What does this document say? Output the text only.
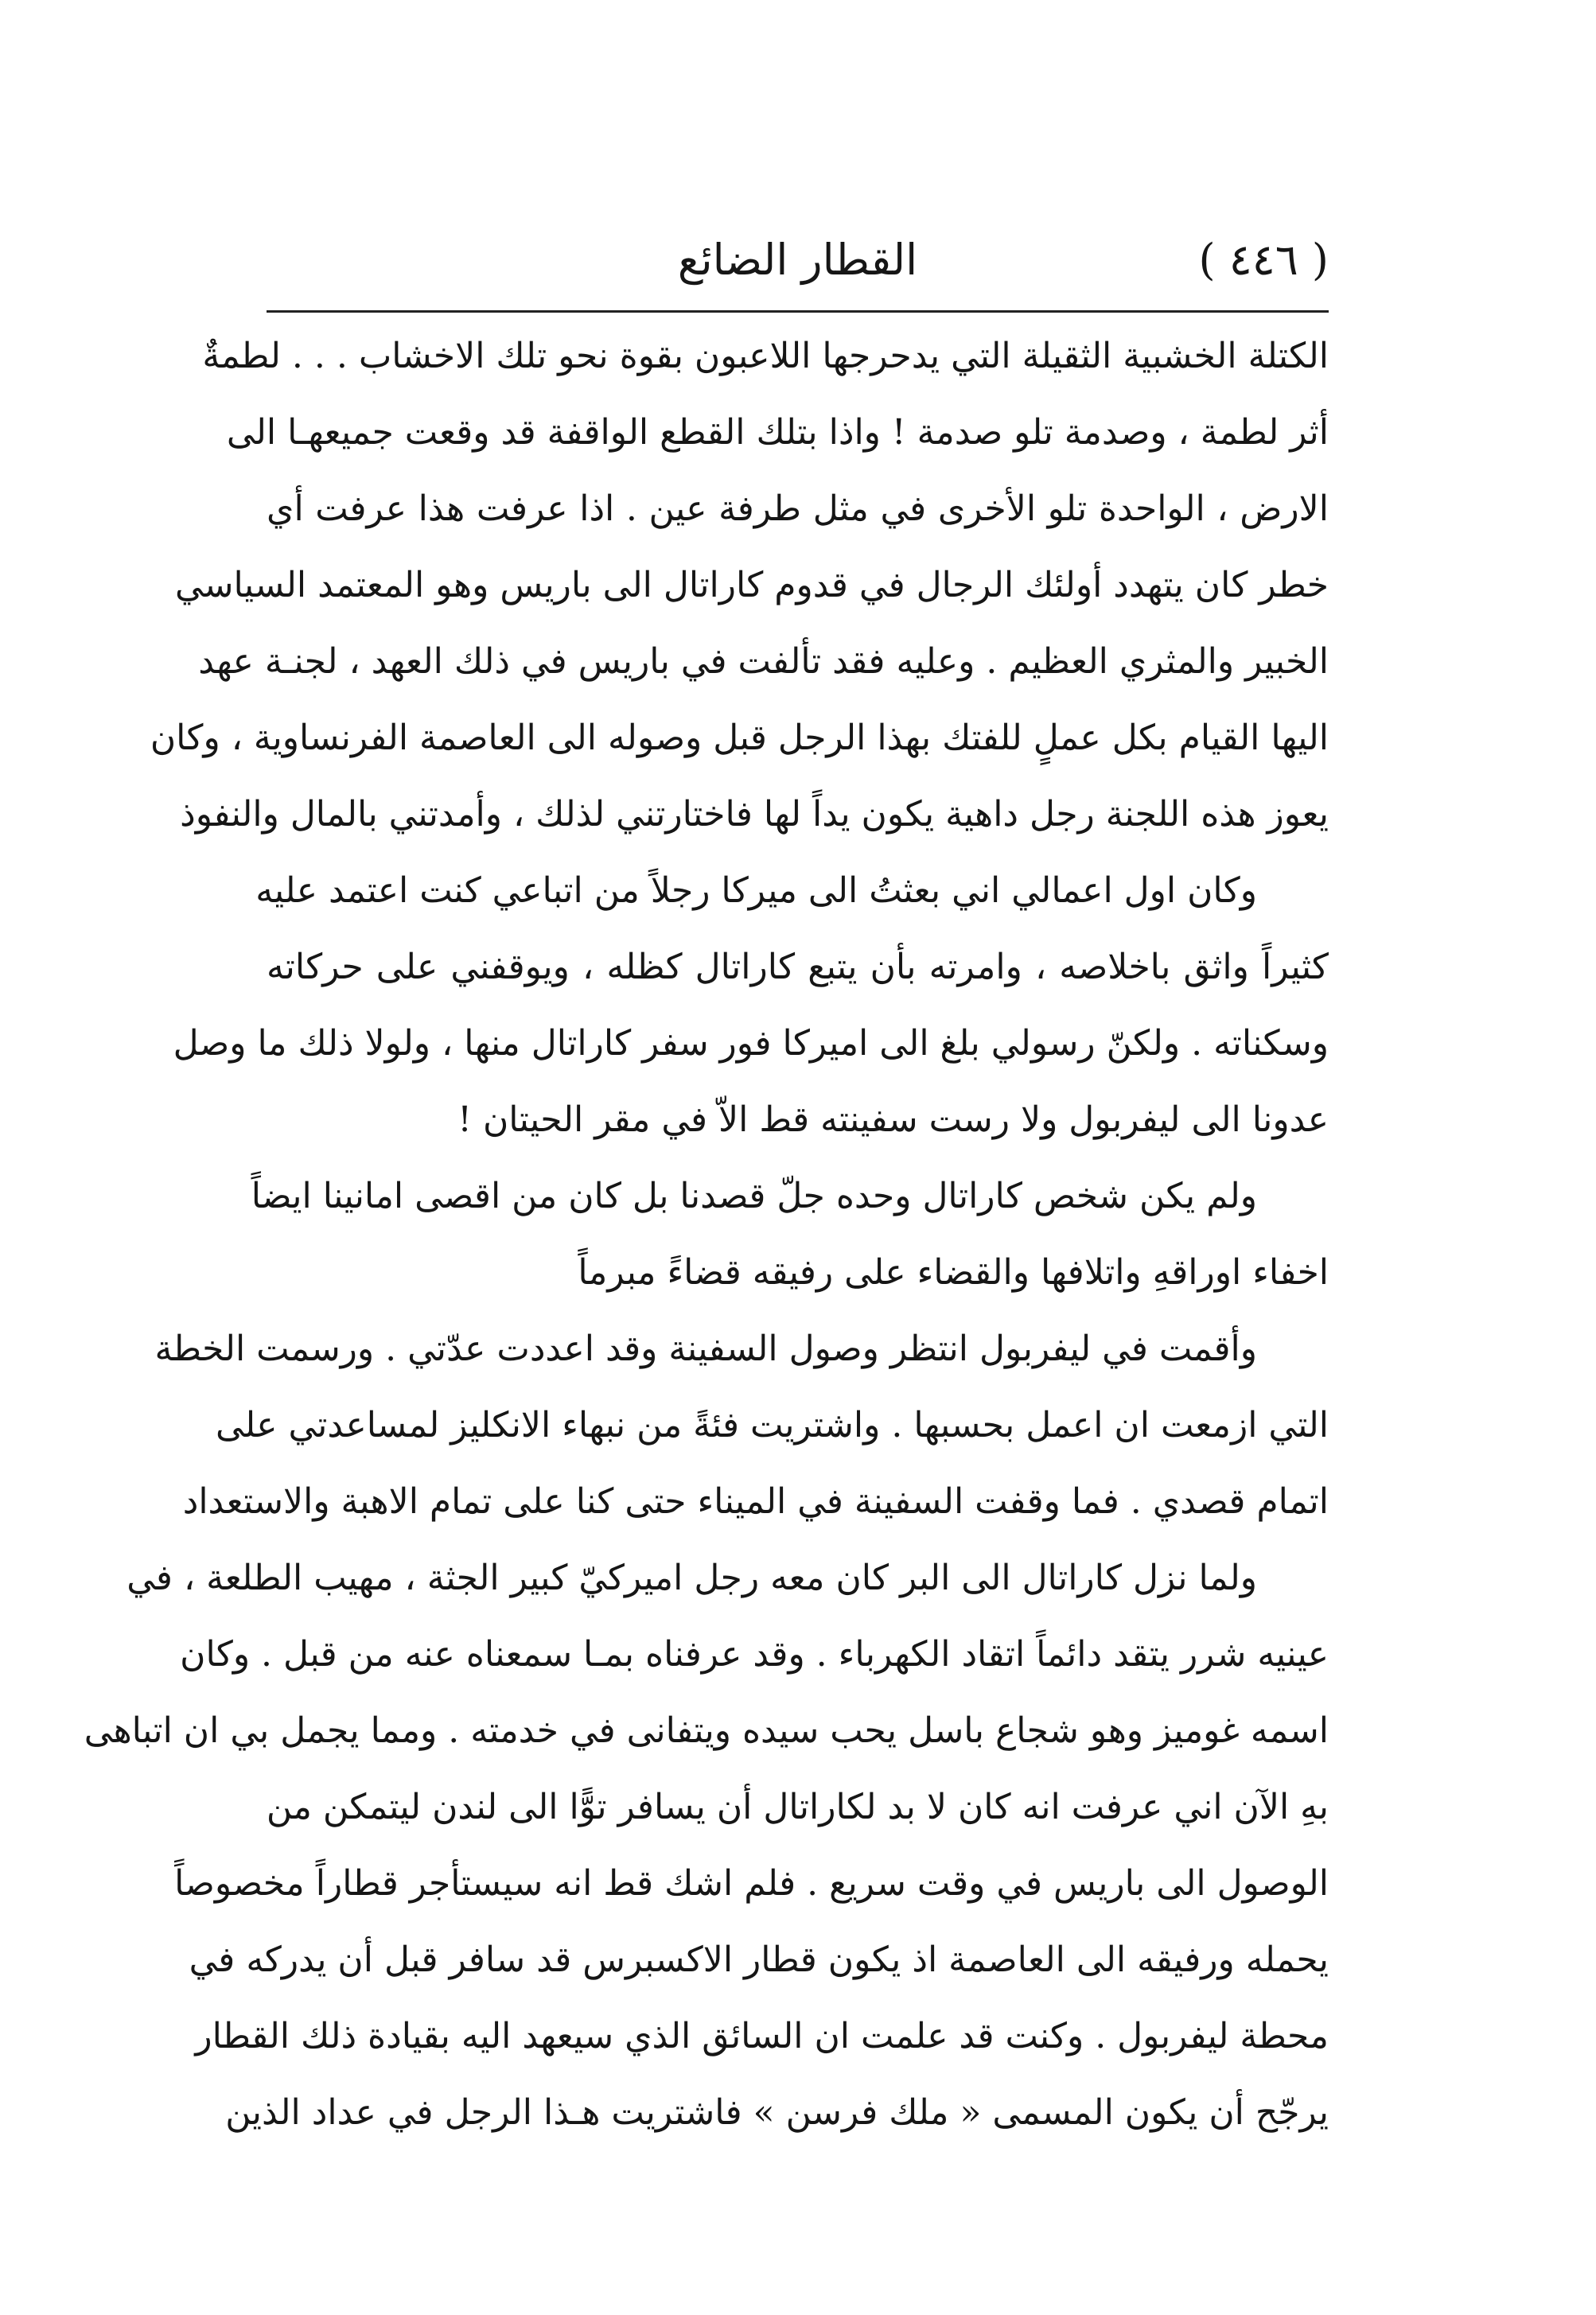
( ٤٤٦ )
القطار الضائع
الكتلة الخشبية الثقيلة التي يدحرجها اللاعبون بقوة نحو تلك الاخشاب . . . لطمةٌ
أثر لطمة ، وصدمة تلو صدمة ! واذا بتلك القطع الواقفة قد وقعت جميعهـا الى
الارض ، الواحدة تلو الأخرى في مثل طرفة عين . اذا عرفت هذا عرفت أي
خطر كان يتهدد أولئك الرجال في قدوم كاراتال الى باريس وهو المعتمد السياسي
الخبير والمثري العظيم . وعليه فقد تألفت في باريس في ذلك العهد ، لجنـة عهد
اليها القيام بكل عملٍ للفتك بهذا الرجل قبل وصوله الى العاصمة الفرنساوية ، وكان
يعوز هذه اللجنة رجل داهية يكون يداً لها فاختارتني لذلك ، وأمدتني بالمال والنفوذ
وكان اول اعمالي اني بعثتُ الى ميركا رجلاً من اتباعي كنت اعتمد عليه
كثيراً واثق باخلاصه ، وامرته بأن يتبع كاراتال كظله ، ويوقفني على حركاته
وسكناته . ولكنّ رسولي بلغ الى اميركا فور سفر كاراتال منها ، ولولا ذلك ما وصل
عدونا الى ليفربول ولا رست سفينته قط الاّ في مقر الحيتان !
ولم يكن شخص كاراتال وحده جلّ قصدنا بل كان من اقصى امانينا ايضاً
اخفاء اوراقهِ واتلافها والقضاء على رفيقه قضاءً مبرماً
وأقمت في ليفربول انتظر وصول السفينة وقد اعددت عدّتي . ورسمت الخطة
التي ازمعت ان اعمل بحسبها . واشتريت فئةً من نبهاء الانكليز لمساعدتي على
اتمام قصدي . فما وقفت السفينة في الميناء حتى كنا على تمام الاهبة والاستعداد
ولما نزل كاراتال الى البر كان معه رجل اميركيّ كبير الجثة ، مهيب الطلعة ، في
عينيه شرر يتقد دائماً اتقاد الكهرباء . وقد عرفناه بمـا سمعناه عنه من قبل . وكان
اسمه غوميز وهو شجاع باسل يحب سيده ويتفانى في خدمته . ومما يجمل بي ان اتباهى
بهِ الآن اني عرفت انه كان لا بد لكاراتال أن يسافر توًّا الى لندن ليتمكن من
الوصول الى باريس في وقت سريع . فلم اشك قط انه سيستأجر قطاراً مخصوصاً
يحمله ورفيقه الى العاصمة اذ يكون قطار الاكسبرس قد سافر قبل أن يدركه في
محطة ليفربول . وكنت قد علمت ان السائق الذي سيعهد اليه بقيادة ذلك القطار
يرجّح أن يكون المسمى « ملك فرسن » فاشتريت هـذا الرجل في عداد الذين
